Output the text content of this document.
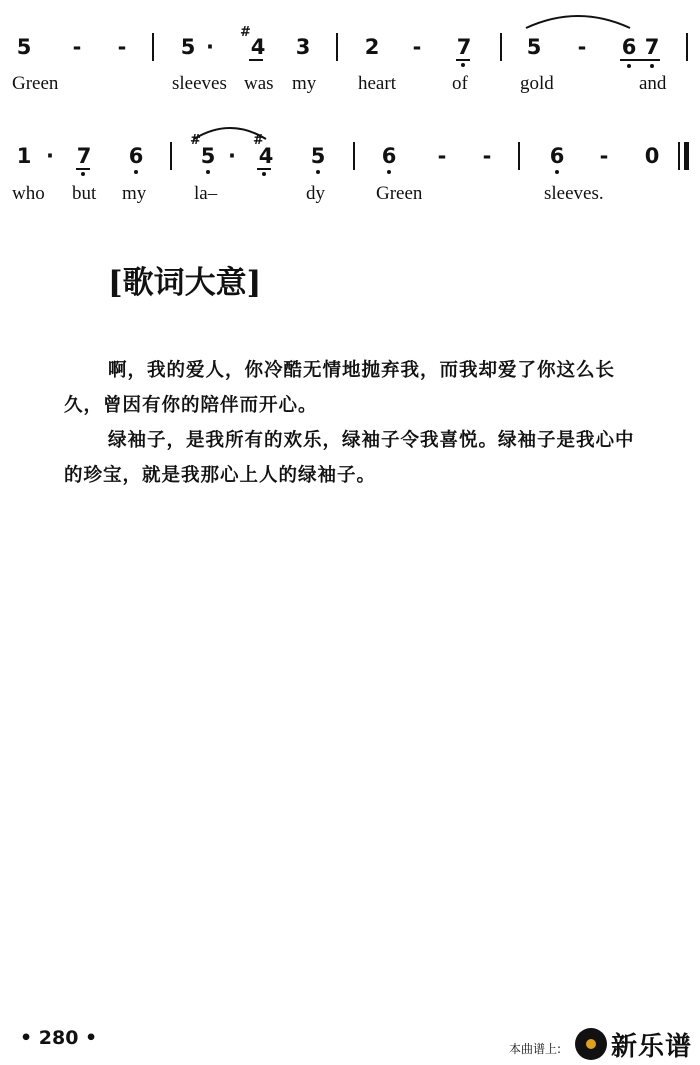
5	-	-	5 ·
#
4 3	2	-	7	5	-	6 7
Green	sleeves was my heart	of	gold	and
1 ·	7 6
#
5 ·
#
4 5	6	-	-	6	-	0
who but my	la–	dy	Green	sleeves.
[歌词大意]
啊，我的爱人，你冷酷无情地抛弃我，而我却爱了你这么长久，曾因有你的陪伴而开心。
绿袖子，是我所有的欢乐，绿袖子令我喜悦。绿袖子是我心中的珍宝，就是我那心上人的绿袖子。
• 280 •	本曲谱上: 新乐谱
